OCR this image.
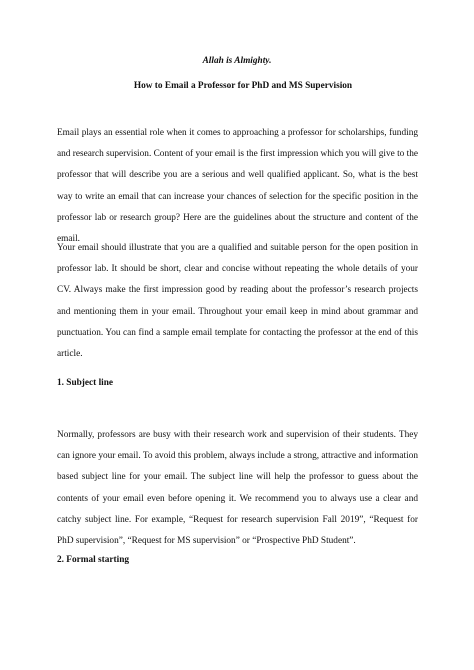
Allah is Almighty.
How to Email a Professor for PhD and MS Supervision

Email plays an essential role when it comes to approaching a professor for scholarships, funding and research supervision. Content of your email is the first impression which you will give to the professor that will describe you are a serious and well qualified applicant. So, what is the best way to write an email that can increase your chances of selection for the specific position in the professor lab or research group? Here are the guidelines about the structure and content of the email.

Your email should illustrate that you are a qualified and suitable person for the open position in professor lab. It should be short, clear and concise without repeating the whole details of your CV. Always make the first impression good by reading about the professor’s research projects and mentioning them in your email. Throughout your email keep in mind about grammar and punctuation. You can find a sample email template for contacting the professor at the end of this article.

1. Subject line

Normally, professors are busy with their research work and supervision of their students. They can ignore your email. To avoid this problem, always include a strong, attractive and information based subject line for your email. The subject line will help the professor to guess about the contents of your email even before opening it. We recommend you to always use a clear and catchy subject line. For example, “Request for research supervision Fall 2019”, “Request for PhD supervision”, “Request for MS supervision” or “Prospective PhD Student”.

2. Formal starting
